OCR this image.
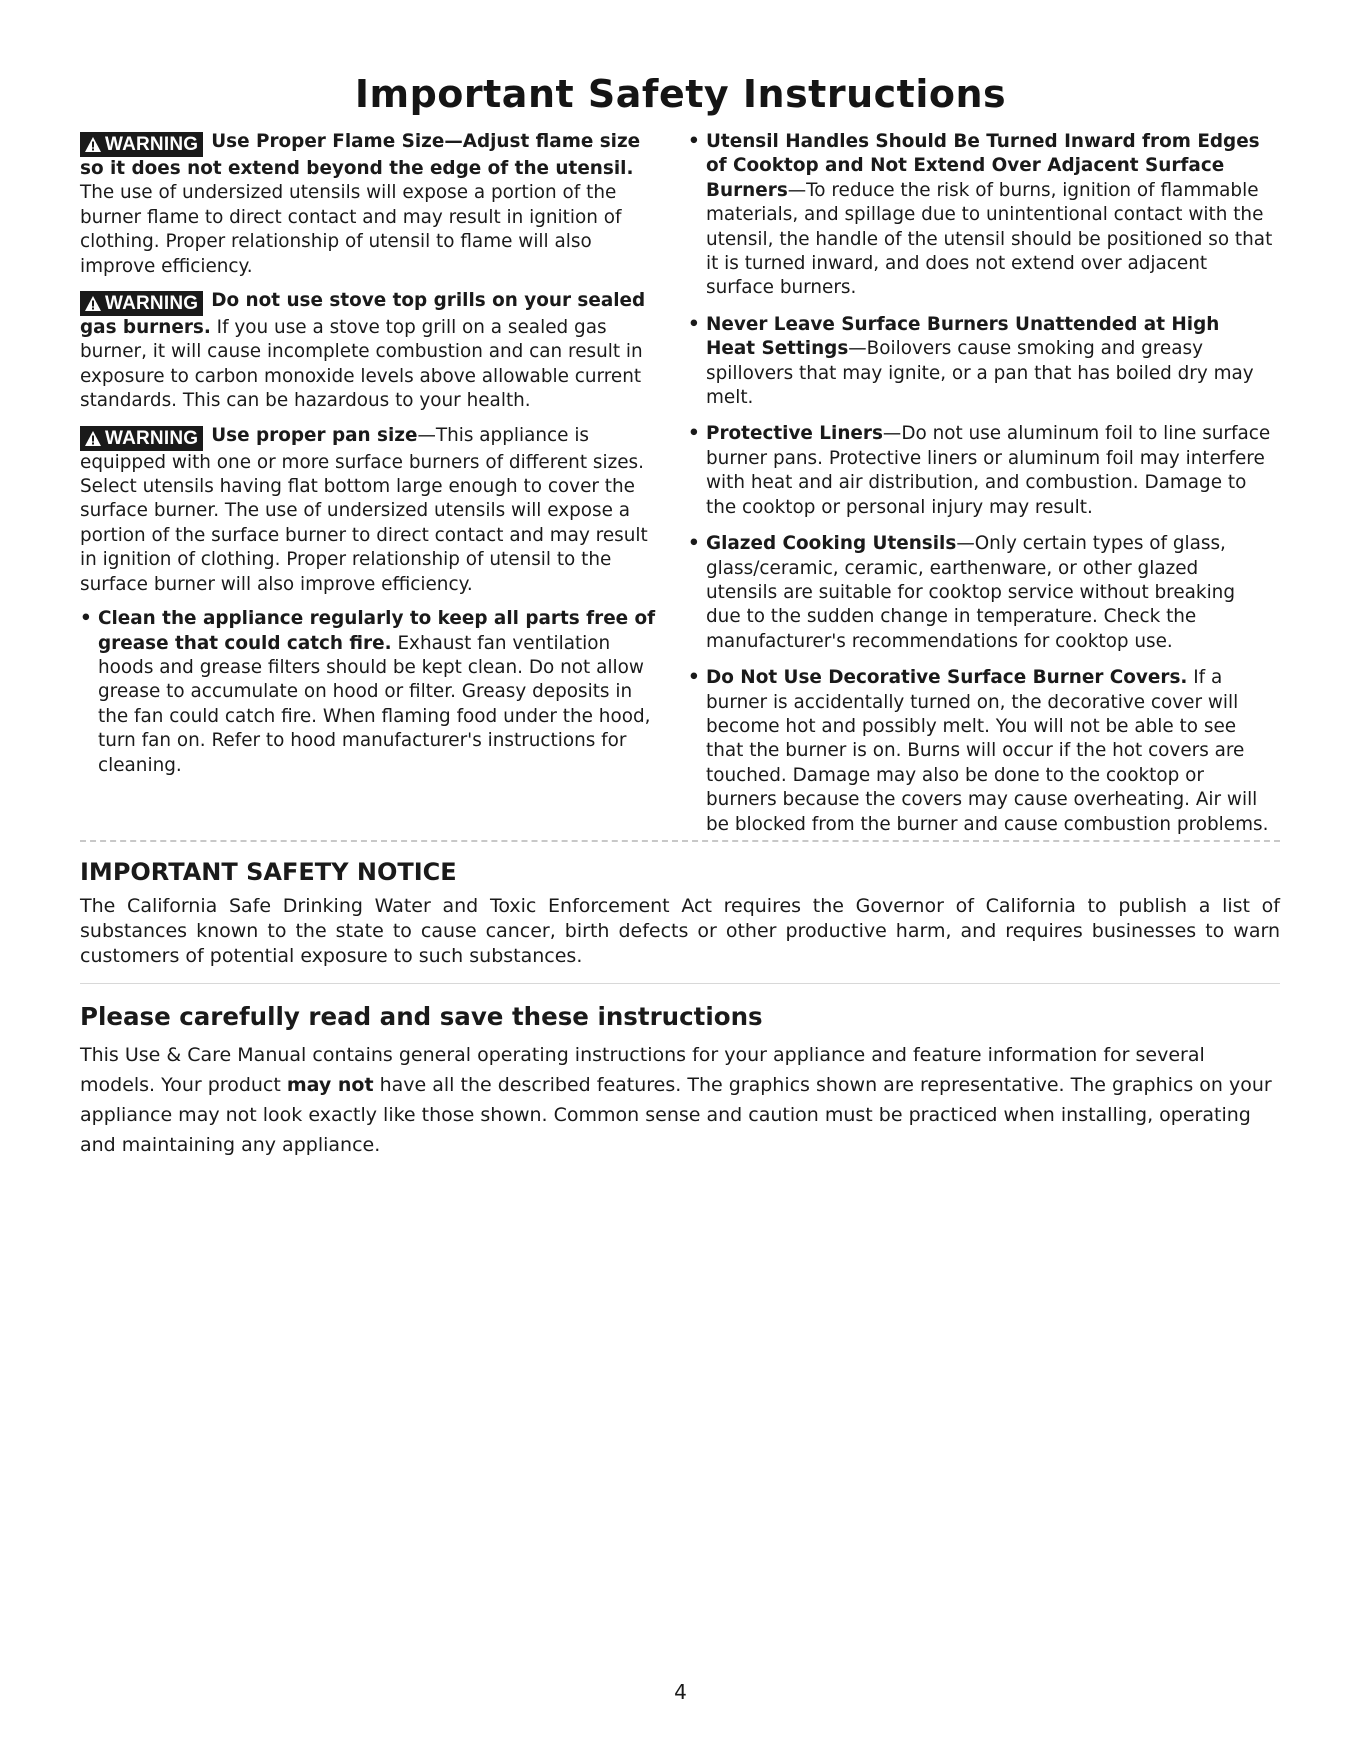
Important Safety Instructions

WARNING Use Proper Flame Size—Adjust flame size so it does not extend beyond the edge of the utensil. The use of undersized utensils will expose a portion of the burner flame to direct contact and may result in ignition of clothing. Proper relationship of utensil to flame will also improve efficiency.

WARNING Do not use stove top grills on your sealed gas burners. If you use a stove top grill on a sealed gas burner, it will cause incomplete combustion and can result in exposure to carbon monoxide levels above allowable current standards. This can be hazardous to your health.

WARNING Use proper pan size—This appliance is equipped with one or more surface burners of different sizes. Select utensils having flat bottom large enough to cover the surface burner. The use of undersized utensils will expose a portion of the surface burner to direct contact and may result in ignition of clothing. Proper relationship of utensil to the surface burner will also improve efficiency.

• Clean the appliance regularly to keep all parts free of grease that could catch fire. Exhaust fan ventilation hoods and grease filters should be kept clean. Do not allow grease to accumulate on hood or filter. Greasy deposits in the fan could catch fire. When flaming food under the hood, turn fan on. Refer to hood manufacturer's instructions for cleaning.
• Utensil Handles Should Be Turned Inward from Edges of Cooktop and Not Extend Over Adjacent Surface Burners—To reduce the risk of burns, ignition of flammable materials, and spillage due to unintentional contact with the utensil, the handle of the utensil should be positioned so that it is turned inward, and does not extend over adjacent surface burners.
• Never Leave Surface Burners Unattended at High Heat Settings—Boilovers cause smoking and greasy spillovers that may ignite, or a pan that has boiled dry may melt.
• Protective Liners—Do not use aluminum foil to line surface burner pans. Protective liners or aluminum foil may interfere with heat and air distribution, and combustion. Damage to the cooktop or personal injury may result.
• Glazed Cooking Utensils—Only certain types of glass, glass/ceramic, ceramic, earthenware, or other glazed utensils are suitable for cooktop service without breaking due to the sudden change in temperature. Check the manufacturer's recommendations for cooktop use.
• Do Not Use Decorative Surface Burner Covers. If a burner is accidentally turned on, the decorative cover will become hot and possibly melt. You will not be able to see that the burner is on. Burns will occur if the hot covers are touched. Damage may also be done to the cooktop or burners because the covers may cause overheating. Air will be blocked from the burner and cause combustion problems.
IMPORTANT SAFETY NOTICE

The California Safe Drinking Water and Toxic Enforcement Act requires the Governor of California to publish a list of substances known to the state to cause cancer, birth defects or other productive harm, and requires businesses to warn customers of potential exposure to such substances.

Please carefully read and save these instructions

This Use & Care Manual contains general operating instructions for your appliance and feature information for several models. Your product may not have all the described features. The graphics shown are representative. The graphics on your appliance may not look exactly like those shown. Common sense and caution must be practiced when installing, operating and maintaining any appliance.

4
